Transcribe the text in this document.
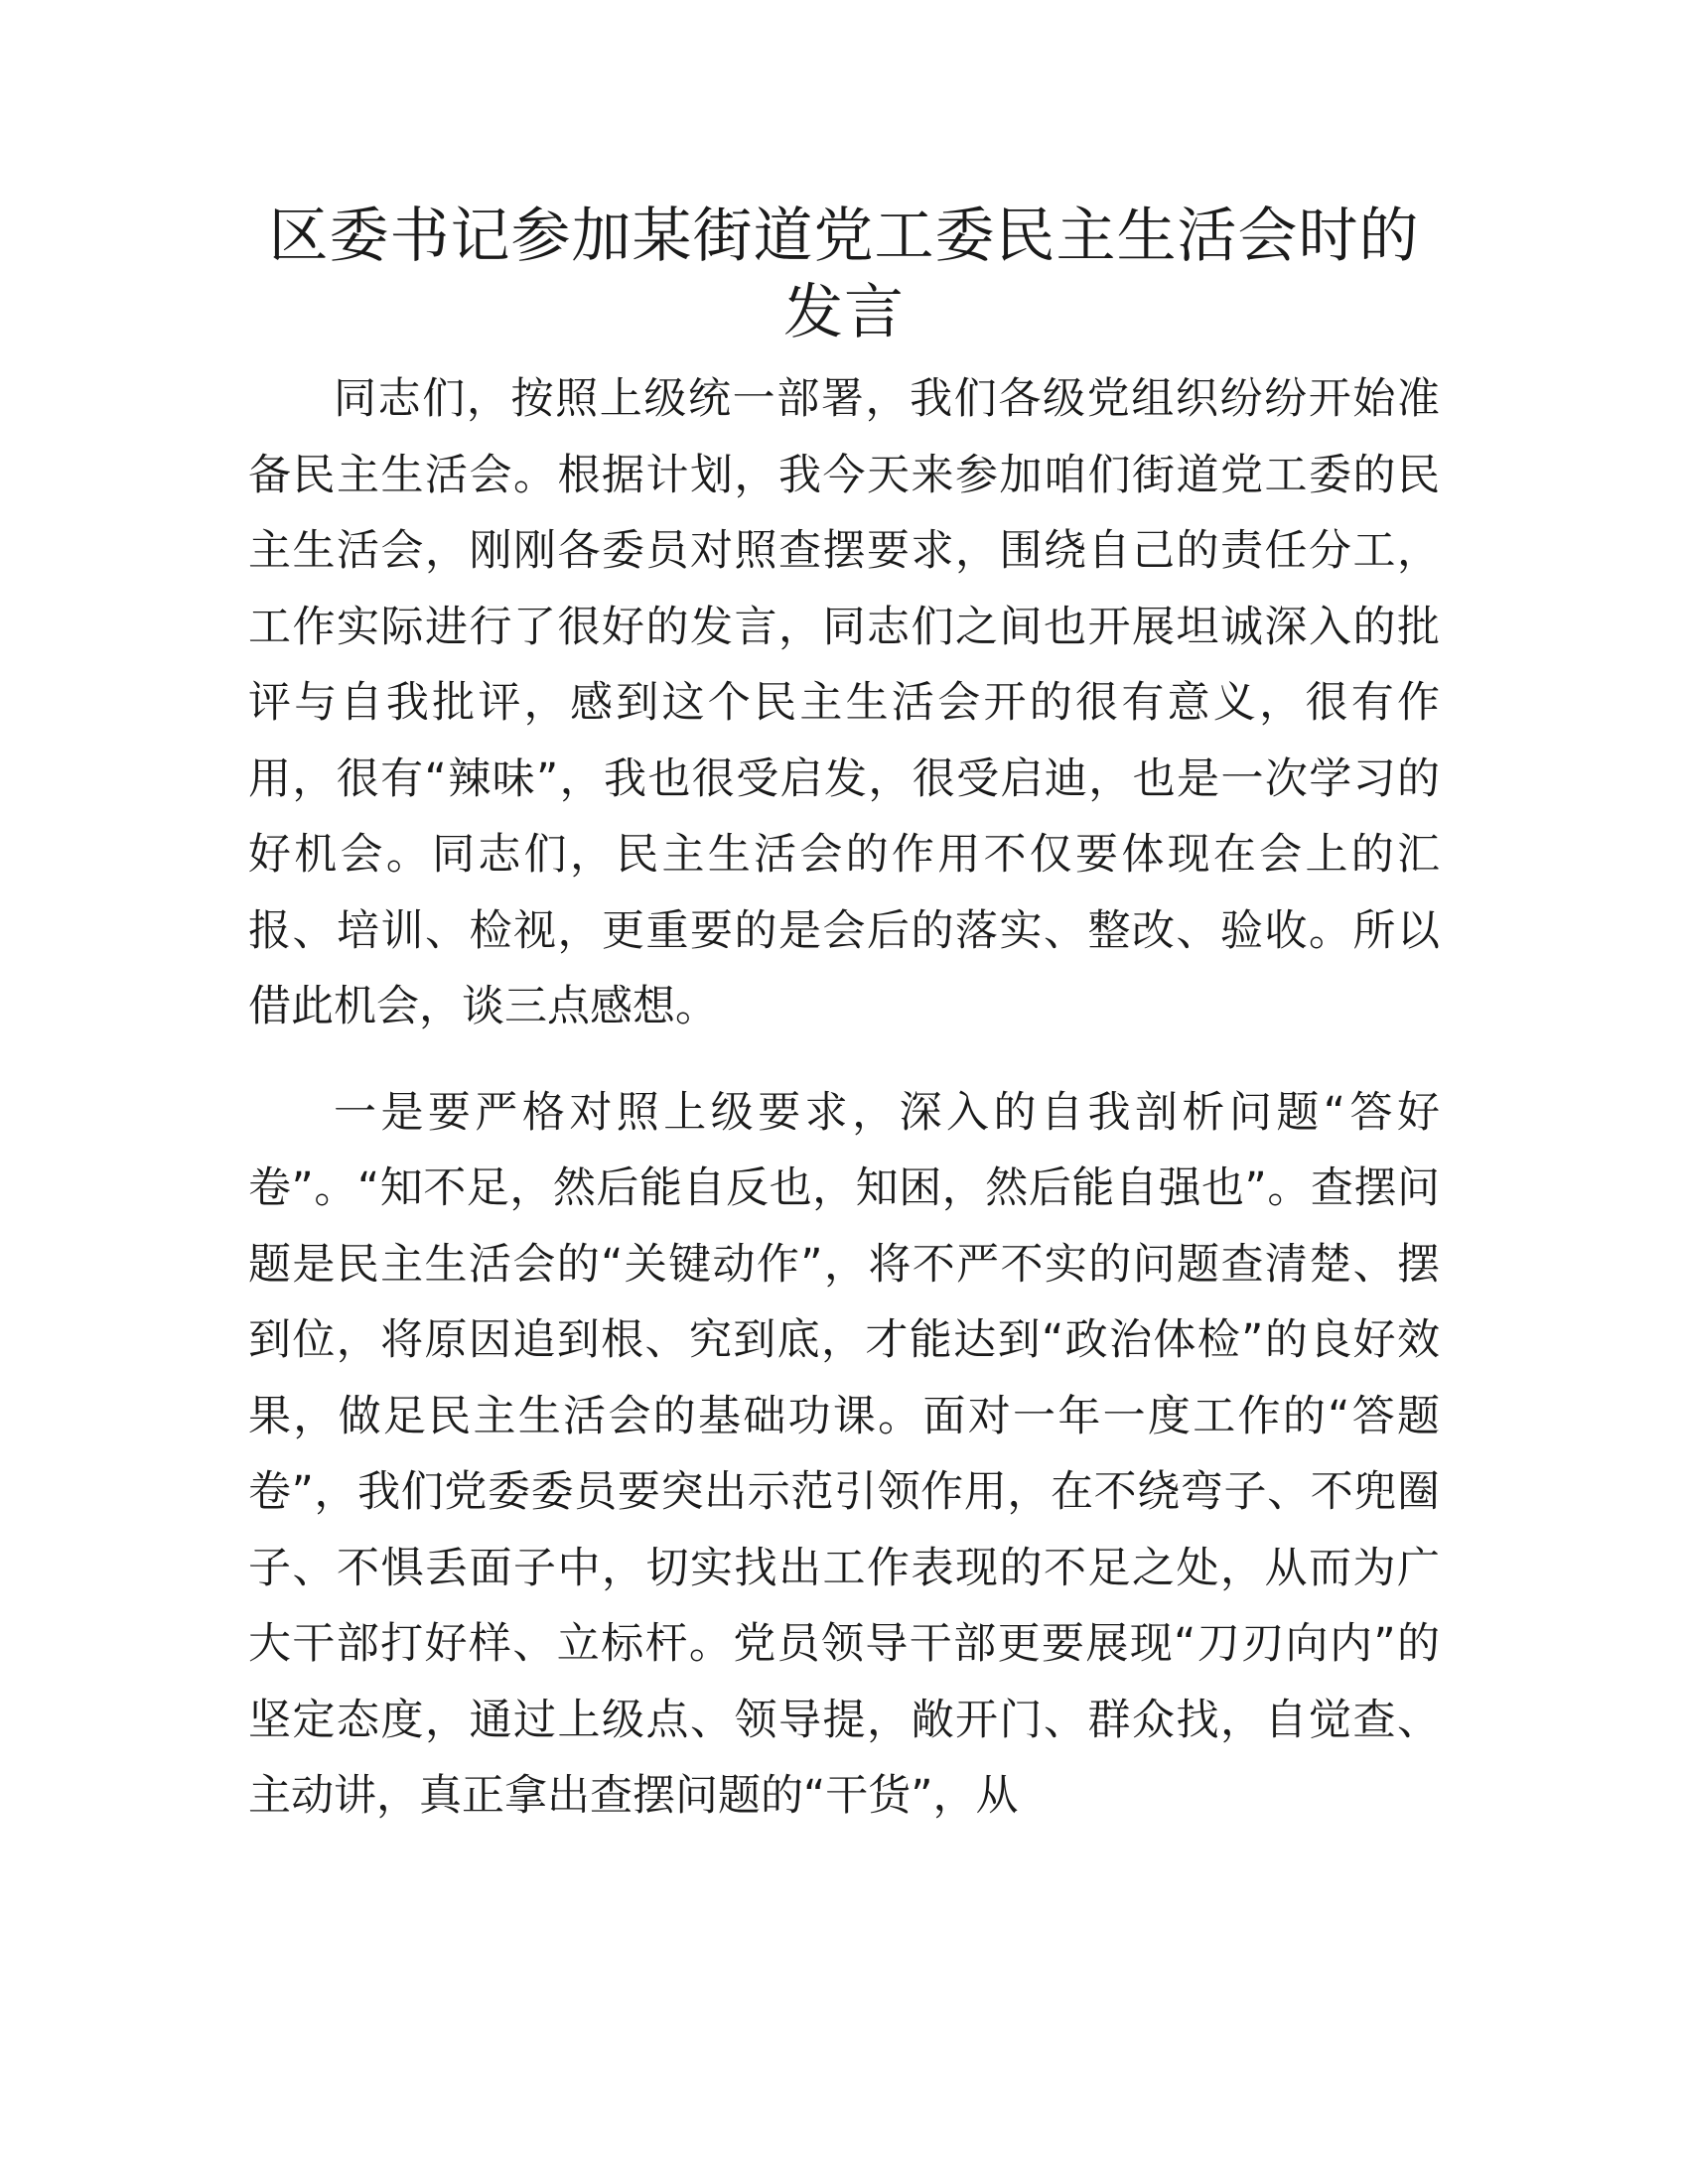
区委书记参加某街道党工委民主生活会时的发言

同志们，按照上级统一部署，我们各级党组织纷纷开始准备民主生活会。根据计划，我今天来参加咱们街道党工委的民主生活会，刚刚各委员对照查摆要求，围绕自己的责任分工，工作实际进行了很好的发言，同志们之间也开展坦诚深入的批评与自我批评，感到这个民主生活会开的很有意义，很有作用，很有“辣味”，我也很受启发，很受启迪，也是一次学习的好机会。同志们，民主生活会的作用不仅要体现在会上的汇报、培训、检视，更重要的是会后的落实、整改、验收。所以借此机会，谈三点感想。

一是要严格对照上级要求，深入的自我剖析问题“答好卷”。“知不足，然后能自反也，知困，然后能自强也”。查摆问题是民主生活会的“关键动作”，将不严不实的问题查清楚、摆到位，将原因追到根、究到底，才能达到“政治体检”的良好效果，做足民主生活会的基础功课。面对一年一度工作的“答题卷”，我们党委委员要突出示范引领作用，在不绕弯子、不兜圈子、不惧丢面子中，切实找出工作表现的不足之处，从而为广大干部打好样、立标杆。党员领导干部更要展现“刀刃向内”的坚定态度，通过上级点、领导提，敞开门、群众找，自觉查、主动讲，真正拿出查摆问题的“干货”，从
